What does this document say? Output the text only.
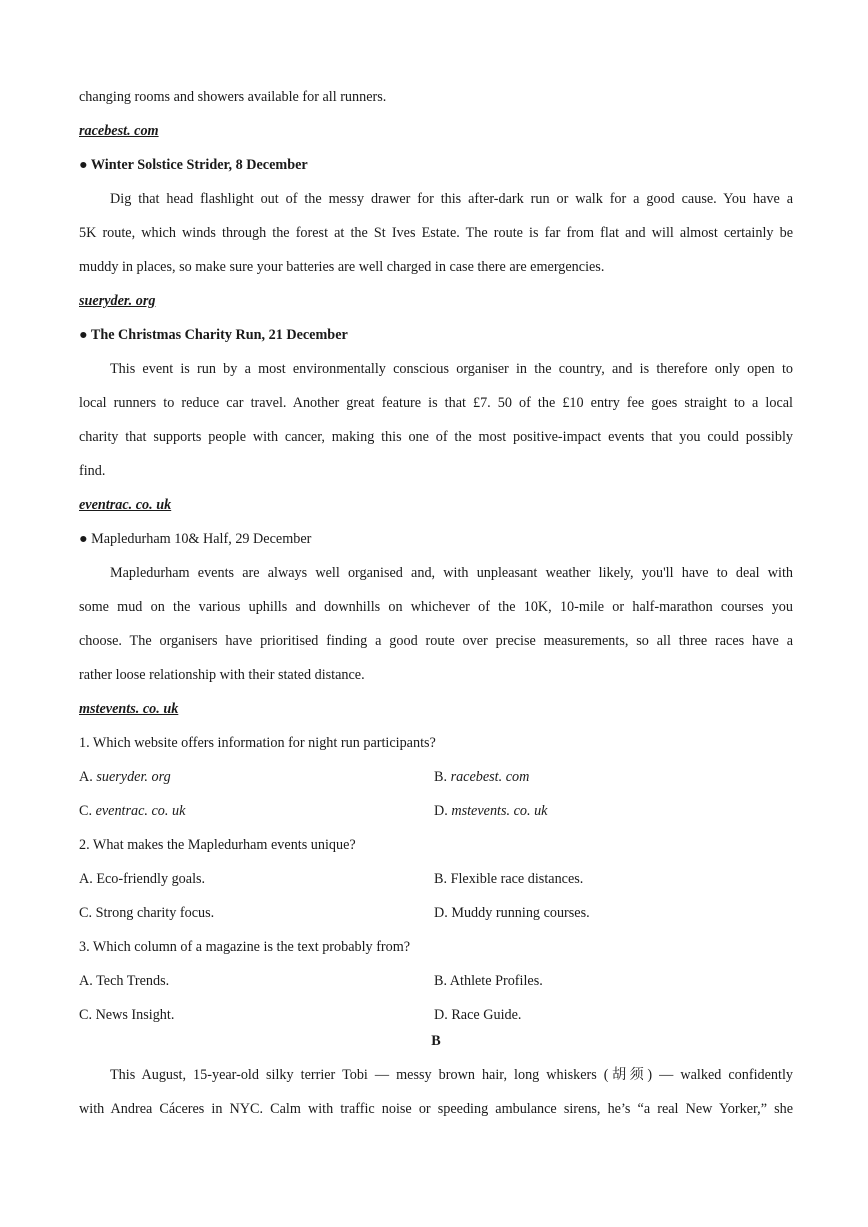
changing rooms and showers available for all runners.
racebest. com
● Winter Solstice Strider, 8 December
Dig that head flashlight out of the messy drawer for this after-dark run or walk for a good cause. You have a
5K route, which winds through the forest at the St Ives Estate. The route is far from flat and will almost certainly be
muddy in places, so make sure your batteries are well charged in case there are emergencies.
sueryder. org
● The Christmas Charity Run, 21 December
This event is run by a most environmentally conscious organiser in the country, and is therefore only open to
local runners to reduce car travel. Another great feature is that £7. 50 of the £10 entry fee goes straight to a local
charity that supports people with cancer, making this one of the most positive-impact events that you could possibly
find.
eventrac. co. uk
● Mapledurham 10& Half, 29 December
Mapledurham events are always well organised and, with unpleasant weather likely, you'll have to deal with
some mud on the various uphills and downhills on whichever of the 10K, 10-mile or half-marathon courses you
choose. The organisers have prioritised finding a good route over precise measurements, so all three races have a
rather loose relationship with their stated distance.
mstevents. co. uk
1. Which website offers information for night run participants?
A. sueryder. org	B. racebest. com
C. eventrac. co. uk	D. mstevents. co. uk
2. What makes the Mapledurham events unique?
A. Eco-friendly goals.	B. Flexible race distances.
C. Strong charity focus.	D. Muddy running courses.
3. Which column of a magazine is the text probably from?
A. Tech Trends.	B. Athlete Profiles.
C. News Insight.	D. Race Guide.
B
This August, 15-year-old silky terrier Tobi — messy brown hair, long whiskers (胡须) — walked confidently
with Andrea Cáceres in NYC. Calm with traffic noise or speeding ambulance sirens, he’s “a real New Yorker,” she
